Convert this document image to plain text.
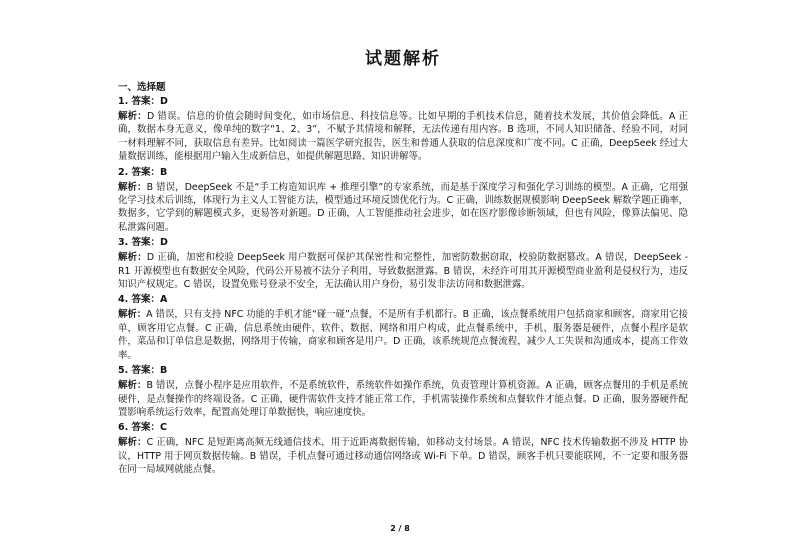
试题解析
一、选择题
1. 答案：D

解析：D 错误。信息的价值会随时间变化，如市场信息、科技信息等。比如早期的手机技术信息，随着技术发展，其价值会降低。A 正确，数据本身无意义，像单纯的数字“1、2、3”，不赋予其情境和解释，无法传递有用内容。B 选项，不同人知识储备、经验不同，对同一材料理解不同，获取信息有差异。比如阅读一篇医学研究报告，医生和普通人获取的信息深度和广度不同。C 正确，DeepSeek 经过大量数据训练，能根据用户输入生成新信息，如提供解题思路、知识讲解等。

2. 答案：B

解析：B 错误，DeepSeek 不是“手工构造知识库 + 推理引擎”的专家系统，而是基于深度学习和强化学习训练的模型。A 正确，它用强化学习技术后训练，体现行为主义人工智能方法，模型通过环境反馈优化行为。C 正确，训练数据规模影响 DeepSeek 解数学题正确率，数据多，它学到的解题模式多，更易答对新题。D 正确，人工智能推动社会进步，如在医疗影像诊断领域，但也有风险，像算法偏见、隐私泄露问题。

3. 答案：D

解析：D 正确，加密和校验 DeepSeek 用户数据可保护其保密性和完整性，加密防数据窃取，校验防数据篡改。A 错误，DeepSeek - R1 开源模型也有数据安全风险，代码公开易被不法分子利用，导致数据泄露。B 错误，未经许可用其开源模型商业盈利是侵权行为，违反知识产权规定。C 错误，设置免账号登录不安全，无法确认用户身份，易引发非法访问和数据泄露。

4. 答案：A

解析：A 错误，只有支持 NFC 功能的手机才能“碰一碰”点餐，不是所有手机都行。B 正确，该点餐系统用户包括商家和顾客，商家用它接单，顾客用它点餐。C 正确，信息系统由硬件、软件、数据、网络和用户构成，此点餐系统中，手机、服务器是硬件，点餐小程序是软件，菜品和订单信息是数据，网络用于传输，商家和顾客是用户。D 正确，该系统规范点餐流程，减少人工失误和沟通成本，提高工作效率。

5. 答案：B

解析：B 错误，点餐小程序是应用软件，不是系统软件，系统软件如操作系统，负责管理计算机资源。A 正确，顾客点餐用的手机是系统硬件，是点餐操作的终端设备。C 正确，硬件需软件支持才能正常工作，手机需装操作系统和点餐软件才能点餐。D 正确，服务器硬件配置影响系统运行效率，配置高处理订单数据快，响应速度快。

6. 答案：C

解析：C 正确，NFC 是短距离高频无线通信技术，用于近距离数据传输，如移动支付场景。A 错误，NFC 技术传输数据不涉及 HTTP 协议，HTTP 用于网页数据传输。B 错误，手机点餐可通过移动通信网络或 Wi-Fi 下单。D 错误，顾客手机只要能联网，不一定要和服务器在同一局域网就能点餐。

2 / 8
